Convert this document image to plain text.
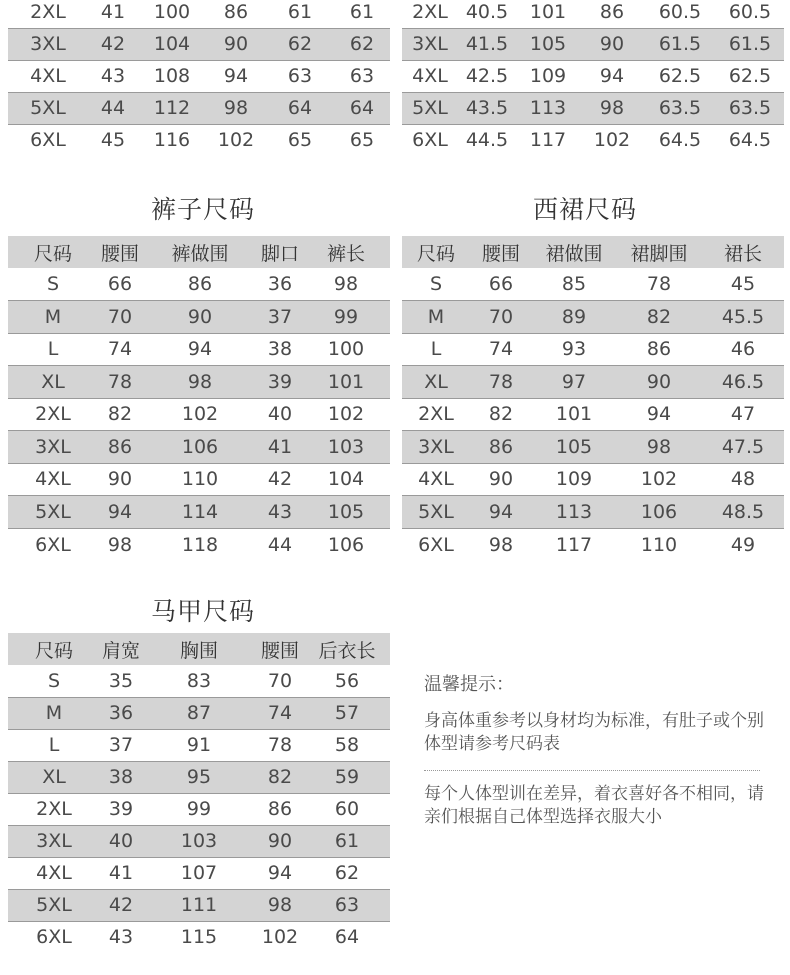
2XL	41	100	86	61	61
3XL	42	104	90	62	62
4XL	43	108	94	63	63
5XL	44	112	98	64	64
6XL	45	116	102	65	65
2XL	40.5	101	86	60.5	60.5
3XL	41.5	105	90	61.5	61.5
4XL	42.5	109	94	62.5	62.5
5XL	43.5	113	98	63.5	63.5
6XL	44.5	117	102	64.5	64.5
裤子尺码
尺码	腰围	裤做围	脚口	裤长
S	66	86	36	98
M	70	90	37	99
L	74	94	38	100
XL	78	98	39	101
2XL	82	102	40	102
3XL	86	106	41	103
4XL	90	110	42	104
5XL	94	114	43	105
6XL	98	118	44	106
西裙尺码
尺码	腰围	裙做围	裙脚围	裙长
S	66	85	78	45
M	70	89	82	45.5
L	74	93	86	46
XL	78	97	90	46.5
2XL	82	101	94	47
3XL	86	105	98	47.5
4XL	90	109	102	48
5XL	94	113	106	48.5
6XL	98	117	110	49
马甲尺码
尺码	肩宽	胸围	腰围	后衣长
S	35	83	70	56
M	36	87	74	57
L	37	91	78	58
XL	38	95	82	59
2XL	39	99	86	60
3XL	40	103	90	61
4XL	41	107	94	62
5XL	42	111	98	63
6XL	43	115	102	64
温馨提示：
身高体重参考以身材均为标准，有肚子或个别体型请参考尺码表
每个人体型训在差异，着衣喜好各不相同，请亲们根据自己体型选择衣服大小
